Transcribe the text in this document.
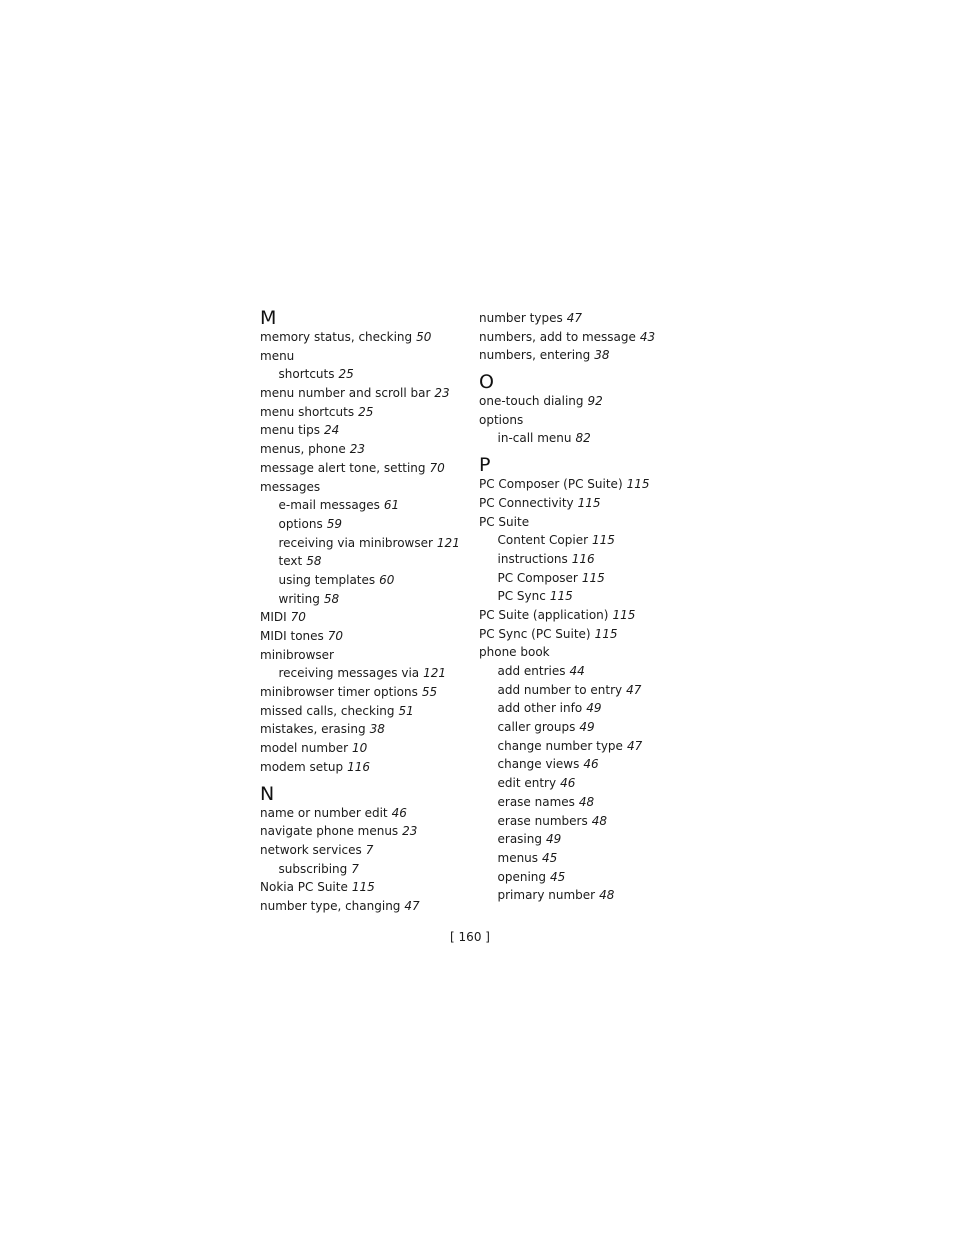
M
memory status, checking 50
menu
shortcuts 25
menu number and scroll bar 23
menu shortcuts 25
menu tips 24
menus, phone 23
message alert tone, setting 70
messages
e-mail messages 61
options 59
receiving via minibrowser 121
text 58
using templates 60
writing 58
MIDI 70
MIDI tones 70
minibrowser
receiving messages via 121
minibrowser timer options 55
missed calls, checking 51
mistakes, erasing 38
model number 10
modem setup 116
N
name or number edit 46
navigate phone menus 23
network services 7
subscribing 7
Nokia PC Suite 115
number type, changing 47
number types 47
numbers, add to message 43
numbers, entering 38
O
one-touch dialing 92
options
in-call menu 82
P
PC Composer (PC Suite) 115
PC Connectivity 115
PC Suite
Content Copier 115
instructions 116
PC Composer 115
PC Sync 115
PC Suite (application) 115
PC Sync (PC Suite) 115
phone book
add entries 44
add number to entry 47
add other info 49
caller groups 49
change number type 47
change views 46
edit entry 46
erase names 48
erase numbers 48
erasing 49
menus 45
opening 45
primary number 48
[ 160 ]
